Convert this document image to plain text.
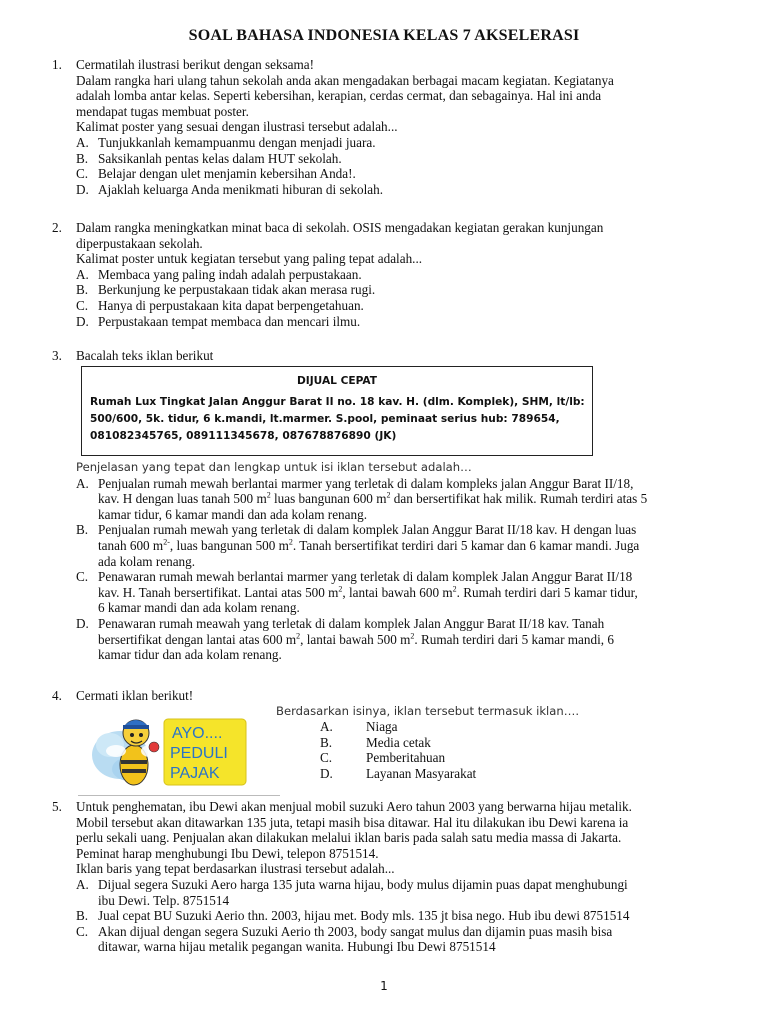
SOAL BAHASA INDONESIA KELAS 7 AKSELERASI
1.	Cermatilah ilustrasi berikut dengan seksama!
Dalam rangka hari ulang tahun sekolah anda akan mengadakan berbagai macam kegiatan. Kegiatanya
adalah lomba antar kelas. Seperti kebersihan, kerapian, cerdas cermat, dan sebagainya. Hal ini anda
mendapat tugas membuat poster.
Kalimat poster yang sesuai dengan ilustrasi tersebut adalah...
A. Tunjukkanlah kemampuanmu dengan menjadi juara.
B. Saksikanlah pentas kelas dalam HUT sekolah.
C. Belajar dengan ulet menjamin kebersihan Anda!.
D. Ajaklah keluarga Anda menikmati hiburan di sekolah.
2.	Dalam rangka meningkatkan minat baca di sekolah. OSIS mengadakan kegiatan gerakan kunjungan
diperpustakaan sekolah.
Kalimat poster untuk kegiatan tersebut yang paling tepat adalah...
A. Membaca yang paling indah adalah perpustakaan.
B. Berkunjung ke perpustakaan tidak akan merasa rugi.
C. Hanya di perpustakaan kita dapat berpengetahuan.
D. Perpustakaan tempat membaca dan mencari ilmu.
3.	Bacalah teks iklan berikut
DIJUAL CEPAT
Rumah Lux Tingkat Jalan Anggur Barat II no. 18 kav. H. (dlm. Komplek), SHM, lt/lb:
500/600, 5k. tidur, 6 k.mandi, lt.marmer. S.pool, peminaat serius hub: 789654,
081082345765, 089111345678, 087678876890 (JK)
Penjelasan yang tepat dan lengkap untuk isi iklan tersebut adalah…
A. Penjualan rumah mewah berlantai marmer yang terletak di dalam kompleks jalan Anggur Barat II/18,
kav. H dengan luas tanah 500 $m^2$ luas bangunan 600 $m^2$ dan bersertifikat hak milik. Rumah terdiri atas 5
kamar tidur, 6 kamar mandi dan ada kolam renang.
B. Penjualan rumah mewah yang terletak di dalam komplek Jalan Anggur Barat II/18 kav. H dengan luas
tanah 600 $m^{2-}$, luas bangunan 500 $m^2$. Tanah bersertifikat terdiri dari 5 kamar dan 6 kamar mandi. Juga
ada kolam renang.
C. Penawaran rumah mewah berlantai marmer yang terletak di dalam komplek Jalan Anggur Barat II/18
kav. H. Tanah bersertifikat. Lantai atas 500 $m^2$, lantai bawah 600 $m^2$. Rumah terdiri dari 5 kamar tidur,
6 kamar mandi dan ada kolam renang.
D. Penawaran rumah meawah yang terletak di dalam komplek Jalan Anggur Barat II/18 kav. Tanah
bersertifikat dengan lantai atas 600 $m^2$, lantai bawah 500 $m^2$. Rumah terdiri dari 5 kamar mandi, 6
kamar tidur dan ada kolam renang.
4.	Cermati iklan berikut!
AYO....
PEDULI
PAJAK
Berdasarkan isinya, iklan tersebut termasuk iklan….
A.	Niaga
B.	Media cetak
C.	Pemberitahuan
D.	Layanan Masyarakat
5.	Untuk penghematan, ibu Dewi akan menjual mobil suzuki Aero tahun 2003 yang berwarna hijau metalik.
Mobil tersebut akan ditawarkan 135 juta, tetapi masih bisa ditawar. Hal itu dilakukan ibu Dewi karena ia
perlu sekali uang. Penjualan akan dilakukan melalui iklan baris pada salah satu media massa di Jakarta.
Peminat harap menghubungi Ibu Dewi, telepon 8751514.
Iklan baris yang tepat berdasarkan ilustrasi tersebut adalah...
A. Dijual segera Suzuki Aero harga 135 juta warna hijau, body mulus dijamin puas dapat menghubungi
ibu Dewi. Telp. 8751514
B. Jual cepat BU Suzuki Aerio thn. 2003, hijau met. Body mls. 135 jt bisa nego. Hub ibu dewi 8751514
C. Akan dijual dengan segera Suzuki Aerio th 2003, body sangat mulus dan dijamin puas masih bisa
ditawar, warna hijau metalik pegangan wanita. Hubungi Ibu Dewi 8751514
1
